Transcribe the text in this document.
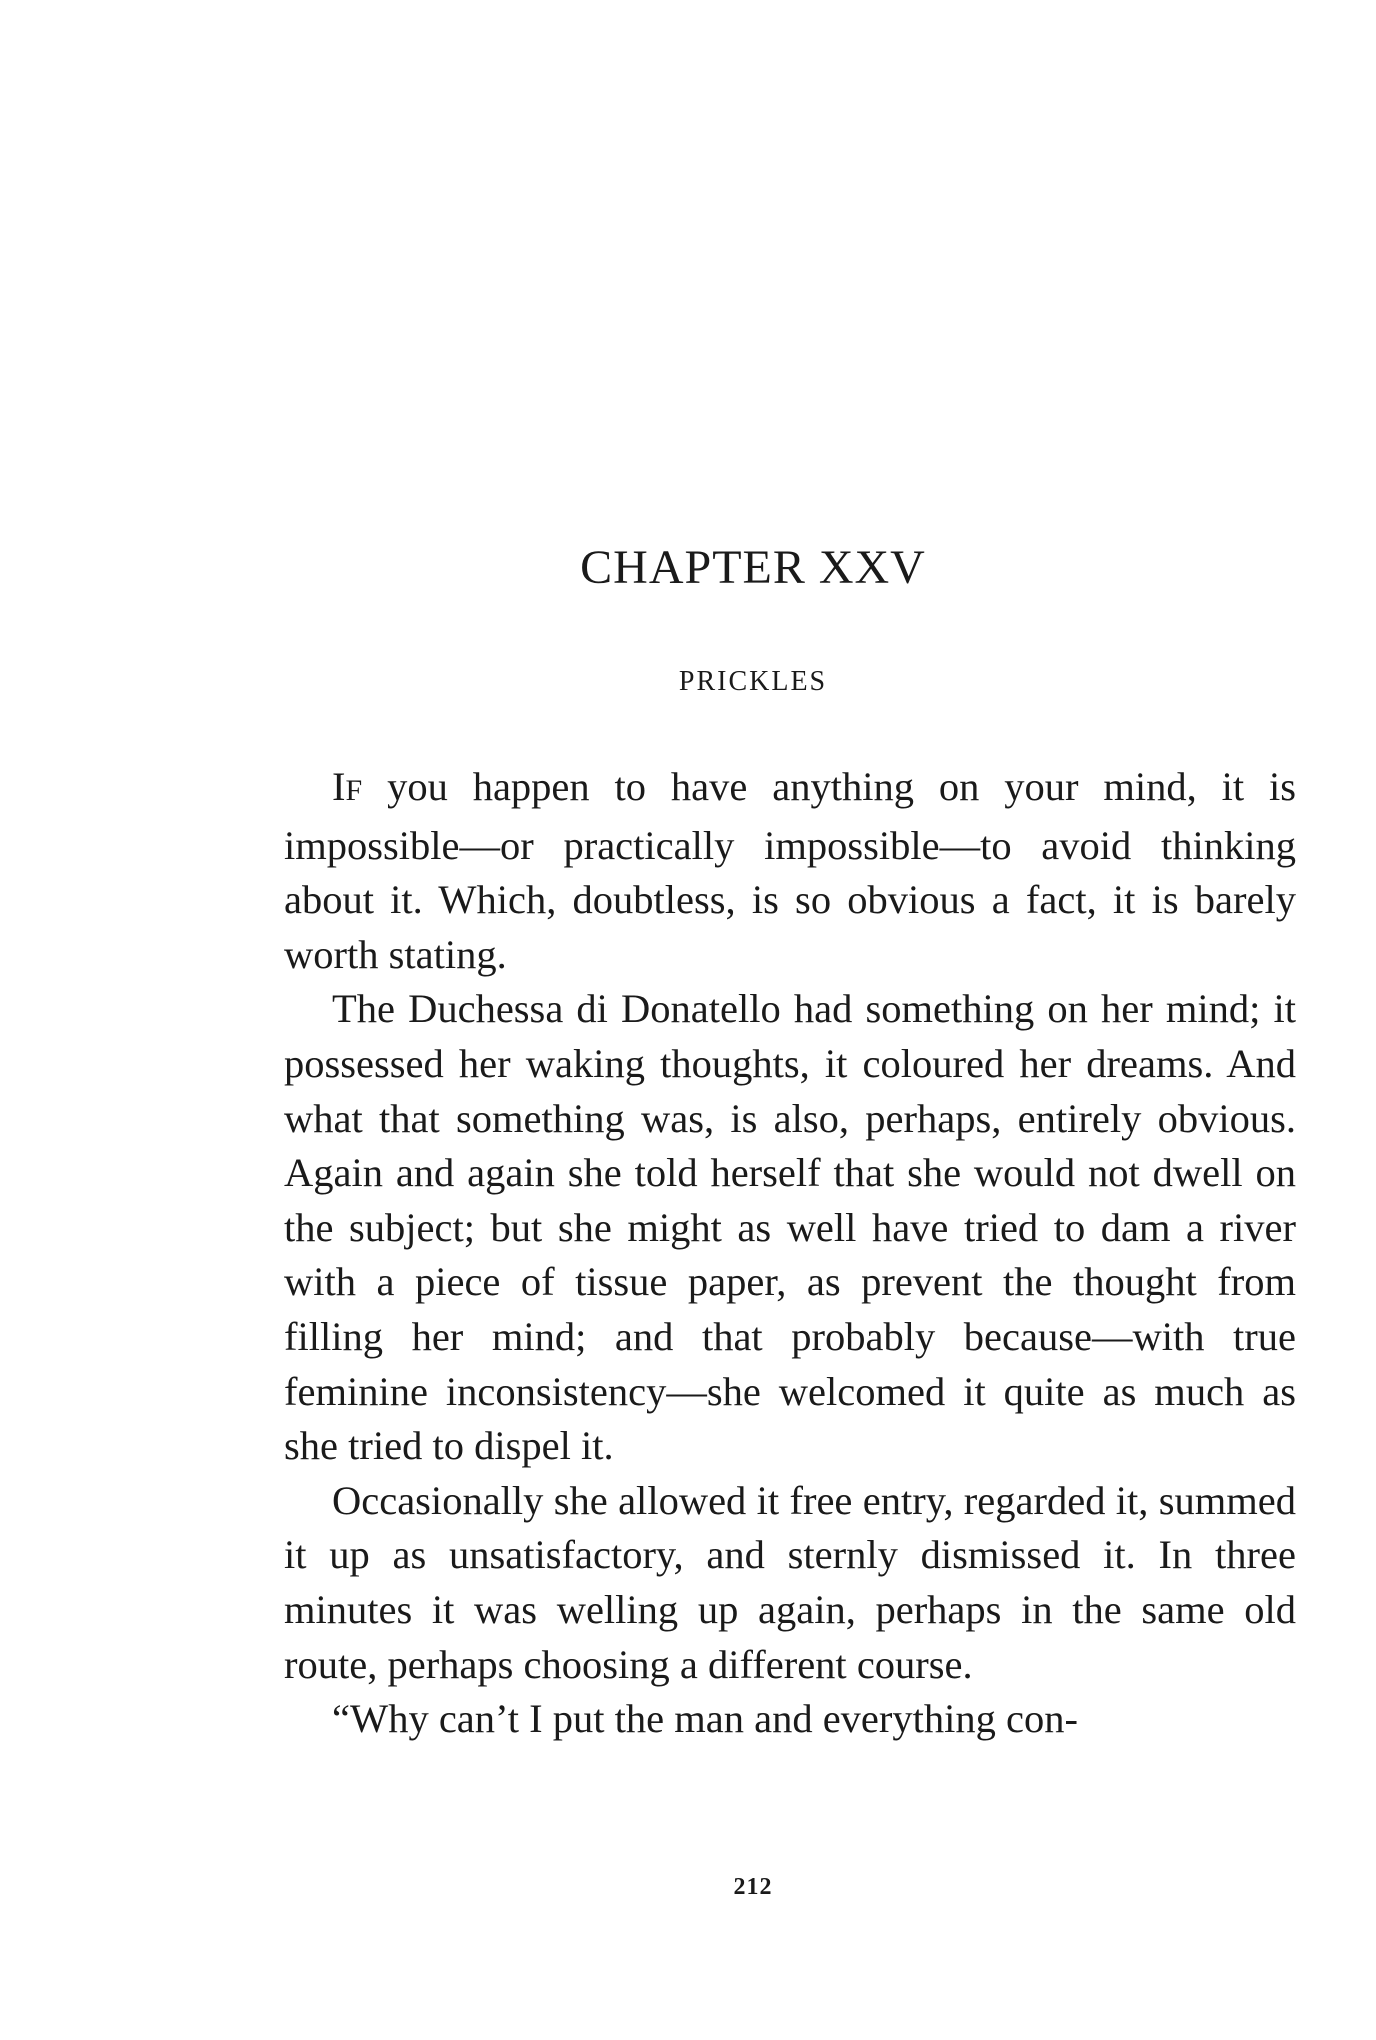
CHAPTER XXV
PRICKLES

IF you happen to have anything on your mind, it is impossible—or practically impossible—to avoid thinking about it. Which, doubtless, is so obvious a fact, it is barely worth stating.

The Duchessa di Donatello had something on her mind; it possessed her waking thoughts, it coloured her dreams. And what that something was, is also, perhaps, entirely obvious. Again and again she told herself that she would not dwell on the subject; but she might as well have tried to dam a river with a piece of tissue paper, as prevent the thought from filling her mind; and that probably because—with true feminine inconsistency—she welcomed it quite as much as she tried to dispel it.

Occasionally she allowed it free entry, regarded it, summed it up as unsatisfactory, and sternly dismissed it. In three minutes it was welling up again, perhaps in the same old route, perhaps choosing a different course.

“Why can’t I put the man and everything con-

212
